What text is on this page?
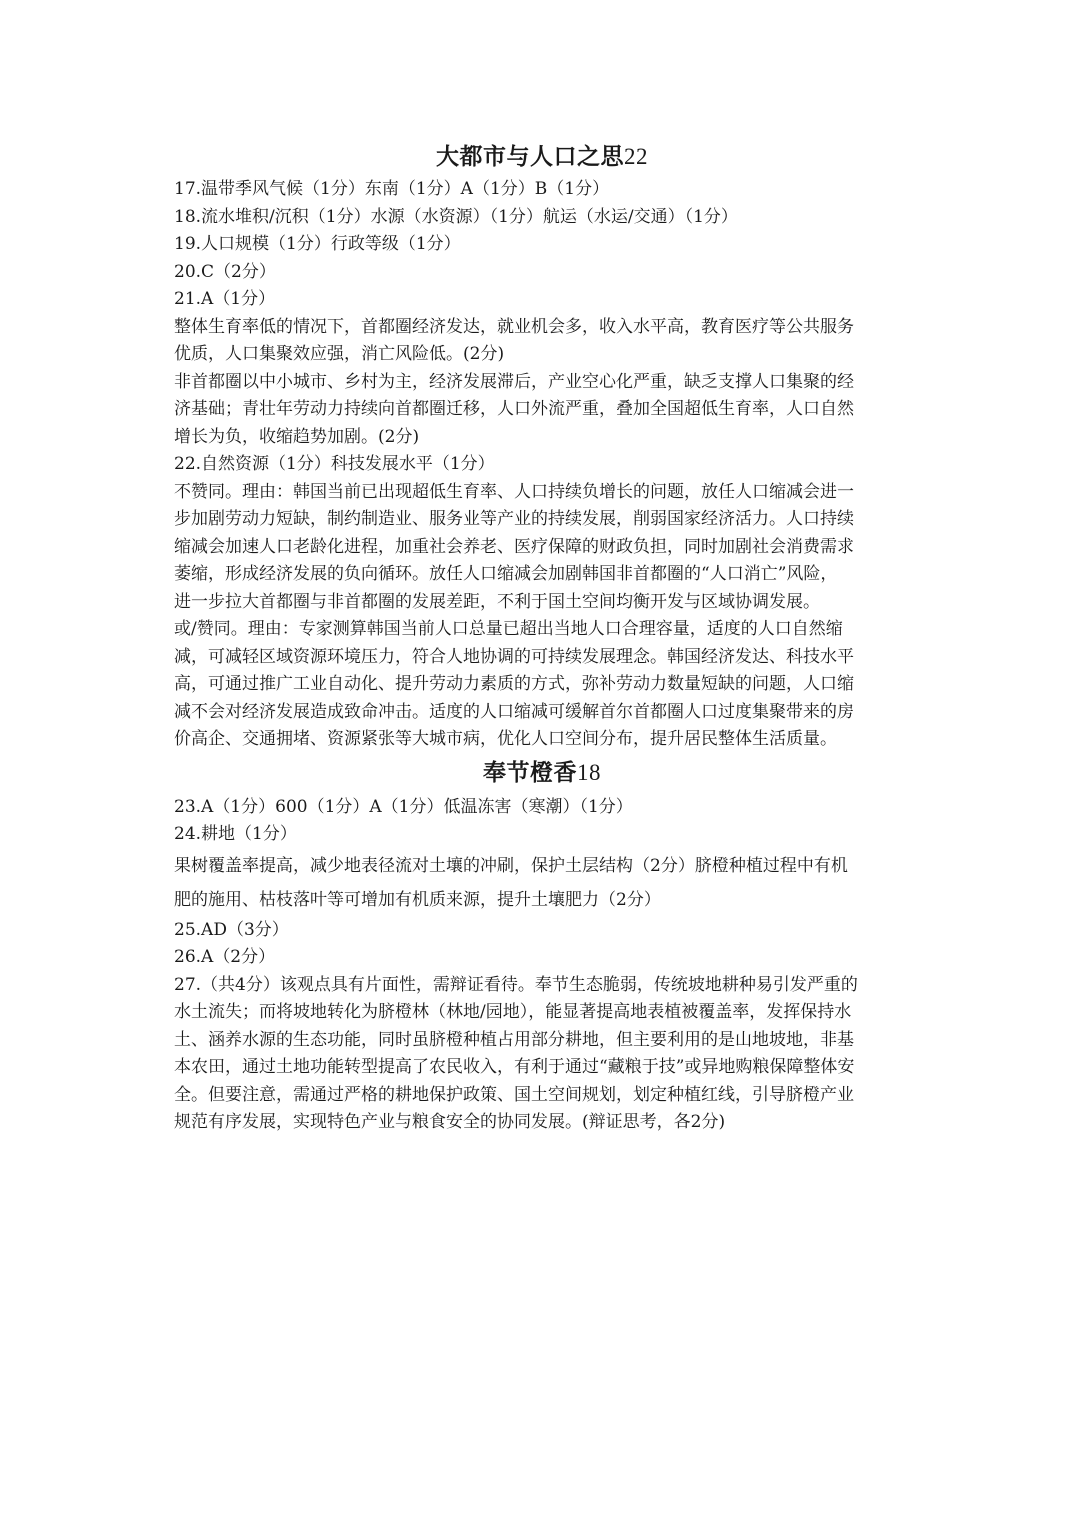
大都市与人口之思22

17.温带季风气候（1分）东南（1分）A（1分）B（1分）

18.流水堆积/沉积（1分）水源（水资源）（1分）航运（水运/交通）（1分）

19.人口规模（1分）行政等级（1分）

20.C（2分）

21.A（1分）

整体生育率低的情况下，首都圈经济发达，就业机会多，收入水平高，教育医疗等公共服务

优质，人口集聚效应强，消亡风险低。(2分)

非首都圈以中小城市、乡村为主，经济发展滞后，产业空心化严重，缺乏支撑人口集聚的经

济基础；青壮年劳动力持续向首都圈迁移，人口外流严重，叠加全国超低生育率，人口自然

增长为负，收缩趋势加剧。(2分)

22.自然资源（1分）科技发展水平（1分）

不赞同。理由：韩国当前已出现超低生育率、人口持续负增长的问题，放任人口缩减会进一

步加剧劳动力短缺，制约制造业、服务业等产业的持续发展，削弱国家经济活力。人口持续

缩减会加速人口老龄化进程，加重社会养老、医疗保障的财政负担，同时加剧社会消费需求

萎缩，形成经济发展的负向循环。放任人口缩减会加剧韩国非首都圈的“人口消亡”风险，

进一步拉大首都圈与非首都圈的发展差距，不利于国土空间均衡开发与区域协调发展。

或/赞同。理由：专家测算韩国当前人口总量已超出当地人口合理容量，适度的人口自然缩

减，可减轻区域资源环境压力，符合人地协调的可持续发展理念。韩国经济发达、科技水平

高，可通过推广工业自动化、提升劳动力素质的方式，弥补劳动力数量短缺的问题，人口缩

减不会对经济发展造成致命冲击。适度的人口缩减可缓解首尔首都圈人口过度集聚带来的房

价高企、交通拥堵、资源紧张等大城市病，优化人口空间分布，提升居民整体生活质量。

奉节橙香18

23.A（1分）600（1分）A（1分）低温冻害（寒潮）（1分）

24.耕地（1分）

果树覆盖率提高，减少地表径流对土壤的冲刷，保护土层结构（2分）脐橙种植过程中有机

肥的施用、枯枝落叶等可增加有机质来源，提升土壤肥力（2分）

25.AD（3分）

26.A（2分）

27.（共4分）该观点具有片面性，需辩证看待。奉节生态脆弱，传统坡地耕种易引发严重的

水土流失；而将坡地转化为脐橙林（林地/园地），能显著提高地表植被覆盖率，发挥保持水

土、涵养水源的生态功能，同时虽脐橙种植占用部分耕地，但主要利用的是山地坡地，非基

本农田，通过土地功能转型提高了农民收入，有利于通过“藏粮于技”或异地购粮保障整体安

全。但要注意，需通过严格的耕地保护政策、国土空间规划，划定种植红线，引导脐橙产业

规范有序发展，实现特色产业与粮食安全的协同发展。(辩证思考，各2分)
